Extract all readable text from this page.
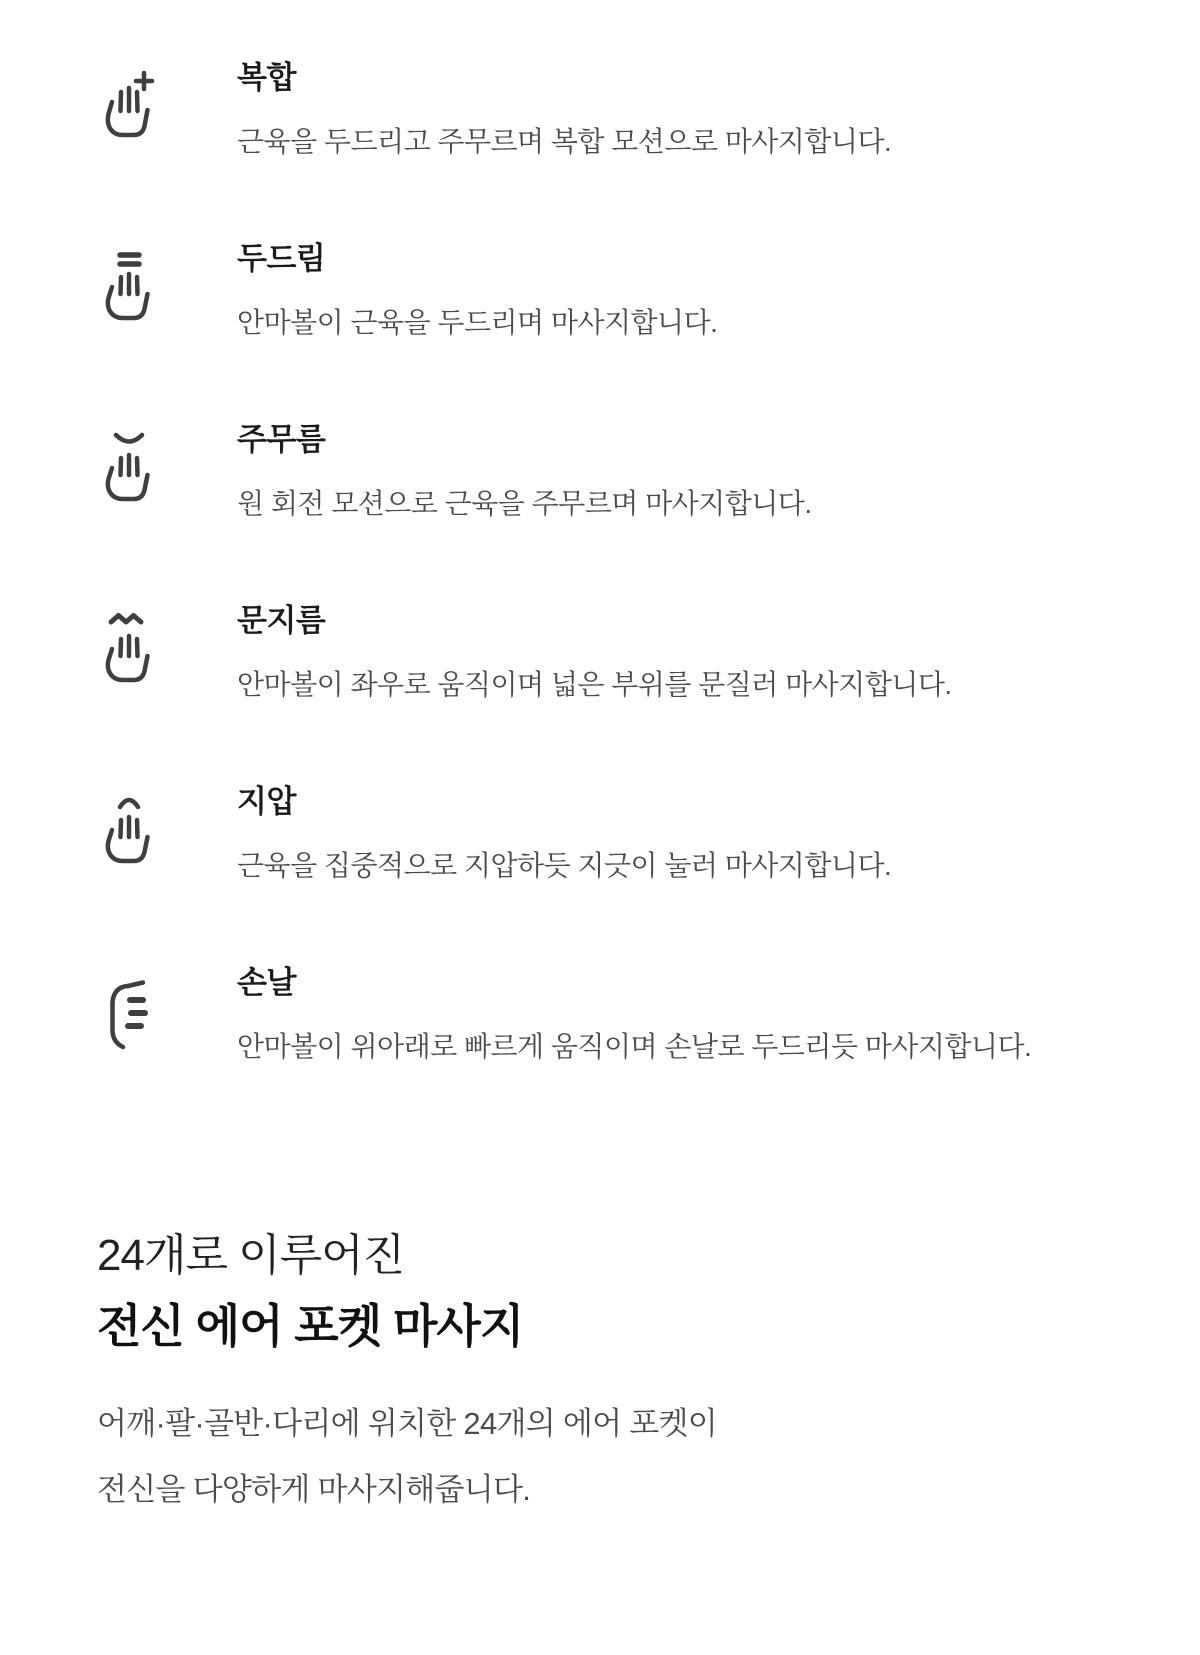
복합

근육을 두드리고 주무르며 복합 모션으로 마사지합니다.

두드림

안마볼이 근육을 두드리며 마사지합니다.

주무름

원 회전 모션으로 근육을 주무르며 마사지합니다.

문지름

안마볼이 좌우로 움직이며 넓은 부위를 문질러 마사지합니다.

지압

근육을 집중적으로 지압하듯 지긋이 눌러 마사지합니다.

손날

안마볼이 위아래로 빠르게 움직이며 손날로 두드리듯 마사지합니다.

24개로 이루어진
전신 에어 포켓 마사지

어깨·팔·골반·다리에 위치한 24개의 에어 포켓이
전신을 다양하게 마사지해줍니다.
